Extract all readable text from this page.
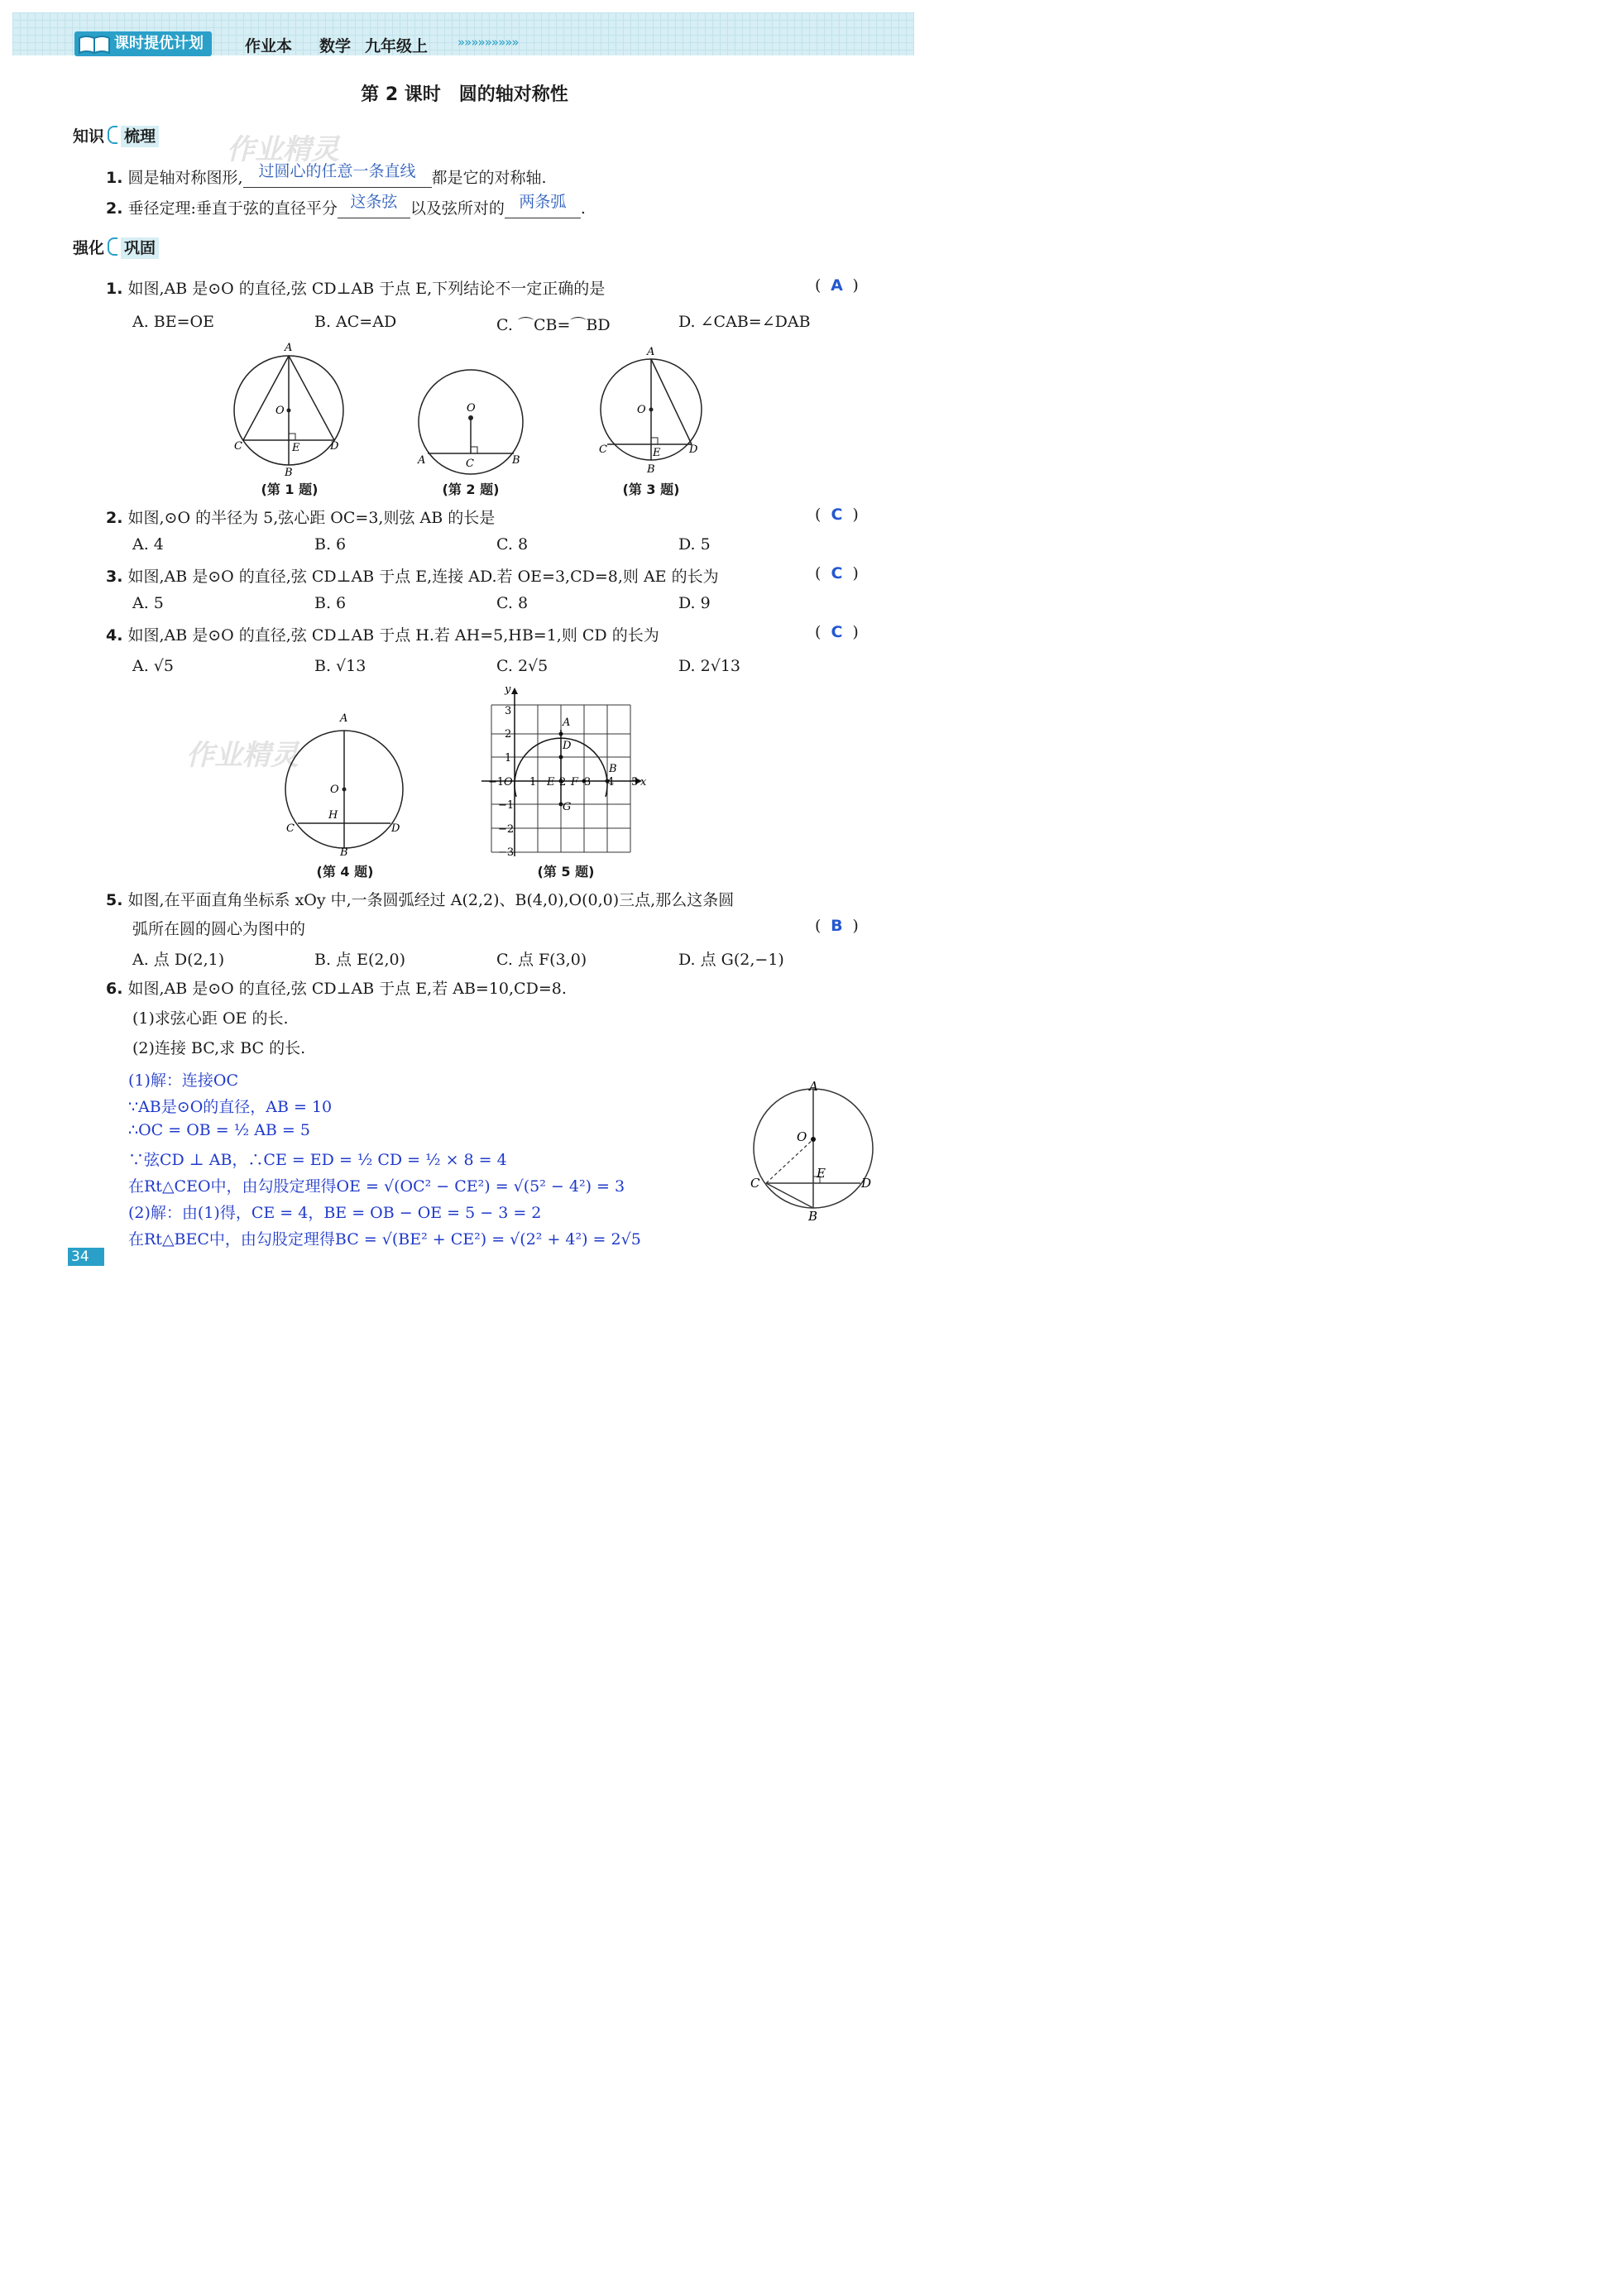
课时提优计划	作业本 数学 九年级上 »»»»»»»»»
第 2 课时　圆的轴对称性
知识 梳理	作业精灵
1. 圆是轴对称图形, 过圆心的任意一条直线 都是它的对称轴.
2. 垂径定理:垂直于弦的直径平分 这条弦 以及弦所对的 两条弧 .
强化 巩固
1. 如图,AB 是⊙O 的直径,弦 CD⊥AB 于点 E,下列结论不一定正确的是	( A )
A. BE=OE	B. AC=AD	C. ⌒CB=⌒BD	D. ∠CAB=∠DAB
A
O
C	E	D
B
(第 1 题)
O
A	C	B
(第 2 题)
A
O
C	E	D
B
(第 3 题)
2. 如图,⊙O 的半径为 5,弦心距 OC=3,则弦 AB 的长是	( C )
A. 4	B. 6	C. 8	D. 5
3. 如图,AB 是⊙O 的直径,弦 CD⊥AB 于点 E,连接 AD.若 OE=3,CD=8,则 AE 的长为	( C )
A. 5	B. 6	C. 8	D. 9
4. 如图,AB 是⊙O 的直径,弦 CD⊥AB 于点 H.若 AH=5,HB=1,则 CD 的长为	( C )
A. √5	B. √13	C. 2√5	D. 2√13
作业精灵
A
O
H
C	D
B
(第 4 题)
y
3
2
1
−1 O 1 E 2 F 3 4 5 x
−1
−2
−3
A
D
B
G
(第 5 题)
5. 如图,在平面直角坐标系 xOy 中,一条圆弧经过 A(2,2)、B(4,0),O(0,0)三点,那么这条圆
弧所在圆的圆心为图中的	( B )
A. 点 D(2,1)	B. 点 E(2,0)	C. 点 F(3,0)	D. 点 G(2,−1)
6. 如图,AB 是⊙O 的直径,弦 CD⊥AB 于点 E,若 AB=10,CD=8.
(1)求弦心距 OE 的长.
(2)连接 BC,求 BC 的长.
(1)解：连接OC
∵AB是⊙O的直径，AB = 10
∴OC = OB = ½ AB = 5
∵弦CD ⊥ AB，∴CE = ED = ½ CD = ½ × 8 = 4
在Rt△CEO中，由勾股定理得OE = √(OC² − CE²) = √(5² − 4²) = 3
(2)解：由(1)得，CE = 4，BE = OB − OE = 5 − 3 = 2
在Rt△BEC中，由勾股定理得BC = √(BE² + CE²) = √(2² + 4²) = 2√5
A
O
C
E
D
B
34
